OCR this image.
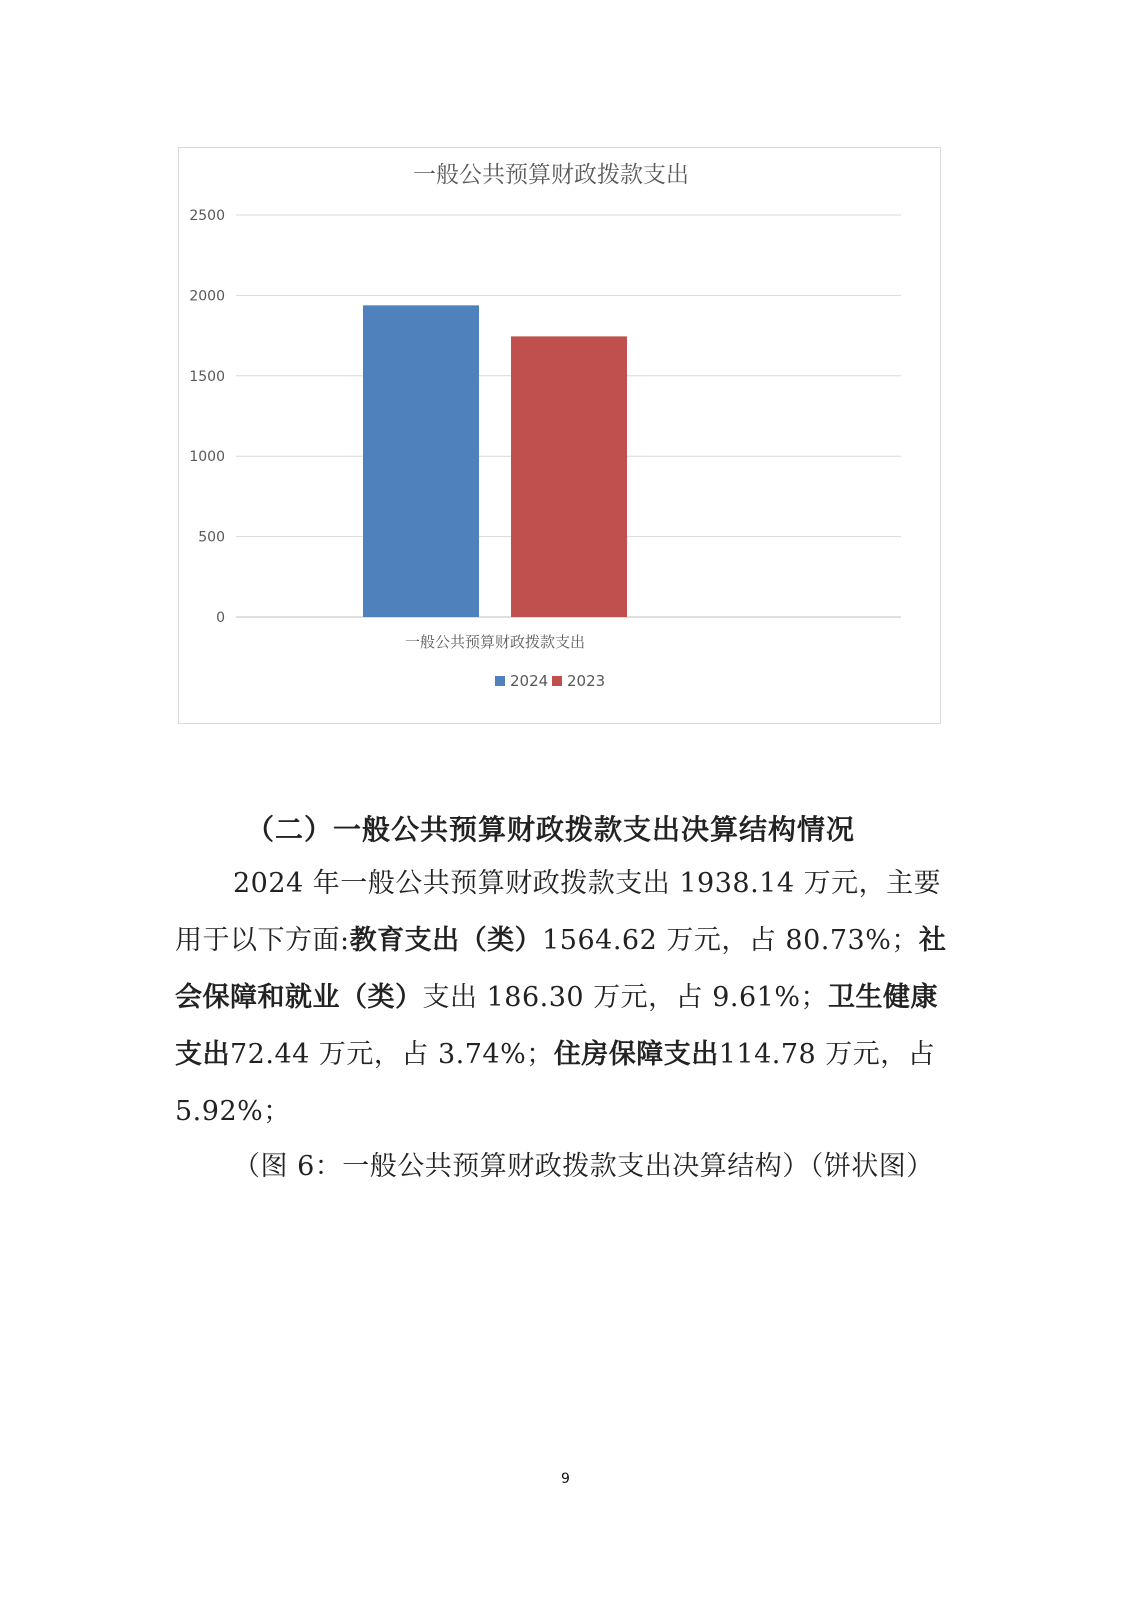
一般公共预算财政拨款支出
0
500
1000
1500
2000
2500
一般公共预算财政拨款支出
2024 2023
（二）一般公共预算财政拨款支出决算结构情况
2024 年一般公共预算财政拨款支出 1938.14 万元，主要用于以下方面:教育支出（类）1564.62 万元，占 80.73%；社会保障和就业（类）支出 186.30 万元，占 9.61%；卫生健康支出72.44 万元，占 3.74%；住房保障支出114.78 万元，占 5.92%；
（图 6：一般公共预算财政拨款支出决算结构）（饼状图）
9
